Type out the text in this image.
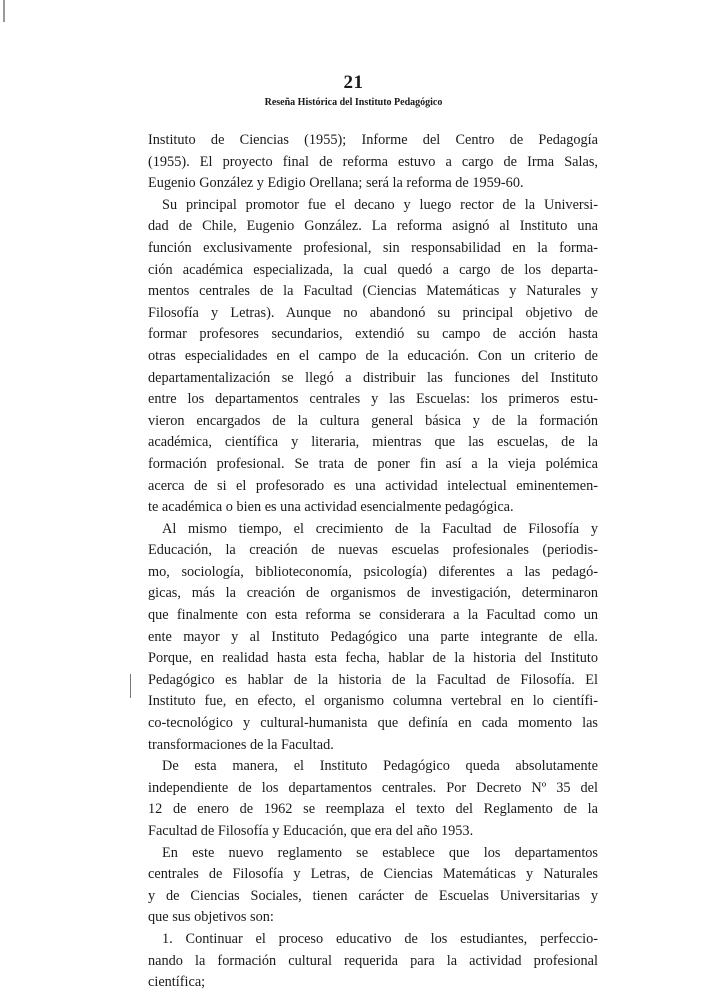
21
Reseña Histórica del Instituto Pedagógico
Instituto de Ciencias (1955); Informe del Centro de Pedagogía
(1955). El proyecto final de reforma estuvo a cargo de Irma Salas,
Eugenio González y Edigio Orellana; será la reforma de 1959-60.
Su principal promotor fue el decano y luego rector de la Universi-
dad de Chile, Eugenio González. La reforma asignó al Instituto una
función exclusivamente profesional, sin responsabilidad en la forma-
ción académica especializada, la cual quedó a cargo de los departa-
mentos centrales de la Facultad (Ciencias Matemáticas y Naturales y
Filosofía y Letras). Aunque no abandonó su principal objetivo de
formar profesores secundarios, extendió su campo de acción hasta
otras especialidades en el campo de la educación. Con un criterio de
departamentalización se llegó a distribuir las funciones del Instituto
entre los departamentos centrales y las Escuelas: los primeros estu-
vieron encargados de la cultura general básica y de la formación
académica, científica y literaria, mientras que las escuelas, de la
formación profesional. Se trata de poner fin así a la vieja polémica
acerca de si el profesorado es una actividad intelectual eminentemen-
te académica o bien es una actividad esencialmente pedagógica.
Al mismo tiempo, el crecimiento de la Facultad de Filosofía y
Educación, la creación de nuevas escuelas profesionales (periodis-
mo, sociología, biblioteconomía, psicología) diferentes a las pedagó-
gicas, más la creación de organismos de investigación, determinaron
que finalmente con esta reforma se considerara a la Facultad como un
ente mayor y al Instituto Pedagógico una parte integrante de ella.
Porque, en realidad hasta esta fecha, hablar de la historia del Instituto
Pedagógico es hablar de la historia de la Facultad de Filosofía. El
Instituto fue, en efecto, el organismo columna vertebral en lo científi-
co-tecnológico y cultural-humanista que definía en cada momento las
transformaciones de la Facultad.
De esta manera, el Instituto Pedagógico queda absolutamente
independiente de los departamentos centrales. Por Decreto Nº 35 del
12 de enero de 1962 se reemplaza el texto del Reglamento de la
Facultad de Filosofía y Educación, que era del año 1953.
En este nuevo reglamento se establece que los departamentos
centrales de Filosofía y Letras, de Ciencias Matemáticas y Naturales
y de Ciencias Sociales, tienen carácter de Escuelas Universitarias y
que sus objetivos son:
1. Continuar el proceso educativo de los estudiantes, perfeccio-
nando la formación cultural requerida para la actividad profesional
científica;
